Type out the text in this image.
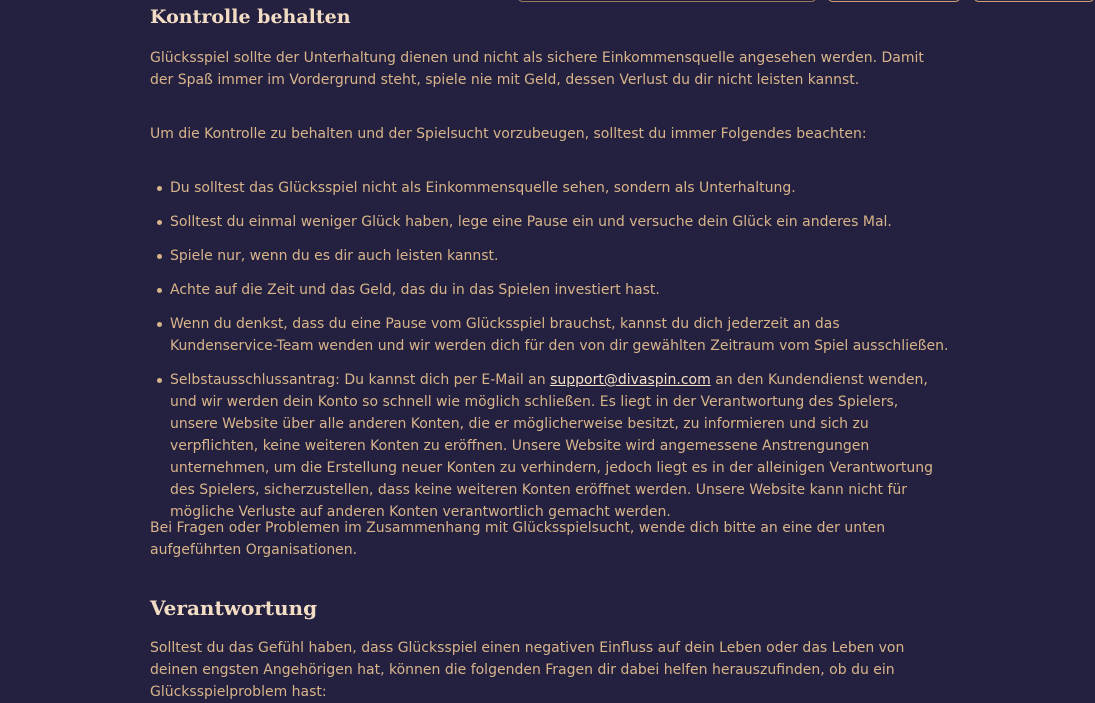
Kontrolle behalten

Glücksspiel sollte der Unterhaltung dienen und nicht als sichere Einkommensquelle angesehen werden. Damit der Spaß immer im Vordergrund steht, spiele nie mit Geld, dessen Verlust du dir nicht leisten kannst.

Um die Kontrolle zu behalten und der Spielsucht vorzubeugen, solltest du immer Folgendes beachten:

Du solltest das Glücksspiel nicht als Einkommensquelle sehen, sondern als Unterhaltung.
Solltest du einmal weniger Glück haben, lege eine Pause ein und versuche dein Glück ein anderes Mal.
Spiele nur, wenn du es dir auch leisten kannst.
Achte auf die Zeit und das Geld, das du in das Spielen investiert hast.
Wenn du denkst, dass du eine Pause vom Glücksspiel brauchst, kannst du dich jederzeit an das Kundenservice-Team wenden und wir werden dich für den von dir gewählten Zeitraum vom Spiel ausschließen.
Selbstausschlussantrag: Du kannst dich per E-Mail an support@divaspin.com an den Kundendienst wenden, und wir werden dein Konto so schnell wie möglich schließen. Es liegt in der Verantwortung des Spielers, unsere Website über alle anderen Konten, die er möglicherweise besitzt, zu informieren und sich zu verpflichten, keine weiteren Konten zu eröffnen. Unsere Website wird angemessene Anstrengungen unternehmen, um die Erstellung neuer Konten zu verhindern, jedoch liegt es in der alleinigen Verantwortung des Spielers, sicherzustellen, dass keine weiteren Konten eröffnet werden. Unsere Website kann nicht für mögliche Verluste auf anderen Konten verantwortlich gemacht werden.

Bei Fragen oder Problemen im Zusammenhang mit Glücksspielsucht, wende dich bitte an eine der unten aufgeführten Organisationen.

Verantwortung

Solltest du das Gefühl haben, dass Glücksspiel einen negativen Einfluss auf dein Leben oder das Leben von deinen engsten Angehörigen hat, können die folgenden Fragen dir dabei helfen herauszufinden, ob du ein Glücksspielproblem hast:
